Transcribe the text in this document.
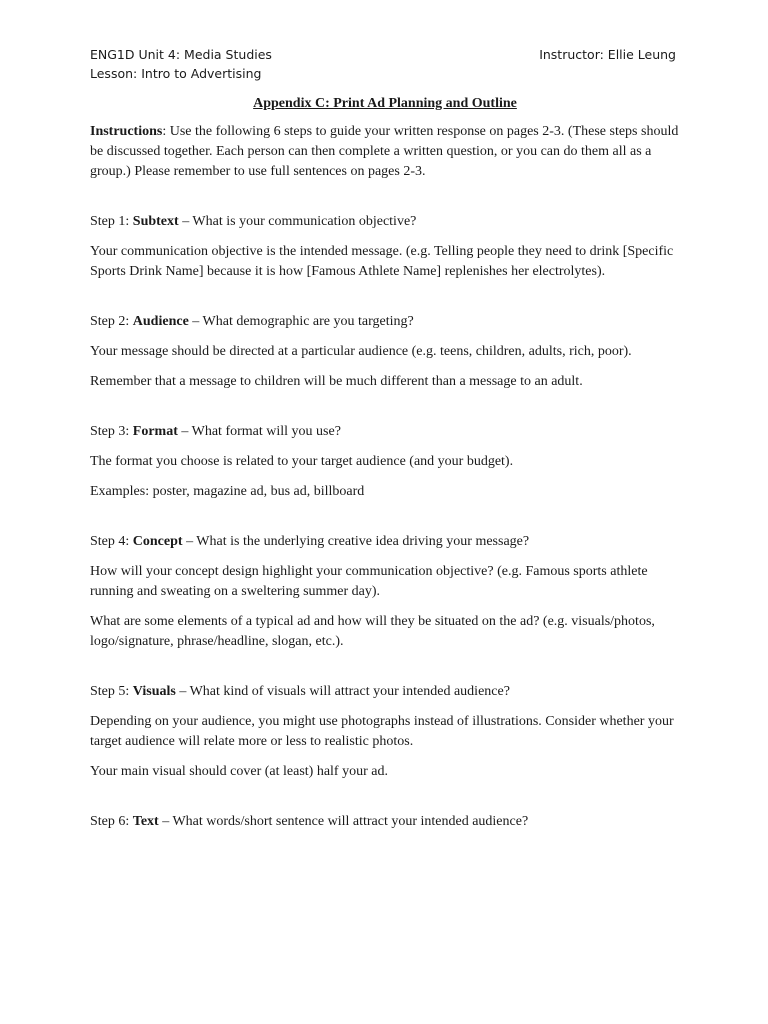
ENG1D Unit 4: Media Studies	Instructor: Ellie Leung
Lesson: Intro to Advertising
Appendix C: Print Ad Planning and Outline

Instructions: Use the following 6 steps to guide your written response on pages 2-3. (These steps should be discussed together. Each person can then complete a written question, or you can do them all as a group.) Please remember to use full sentences on pages 2-3.

Step 1: Subtext – What is your communication objective?

Your communication objective is the intended message. (e.g. Telling people they need to drink [Specific Sports Drink Name] because it is how [Famous Athlete Name] replenishes her electrolytes).

Step 2: Audience – What demographic are you targeting?

Your message should be directed at a particular audience (e.g. teens, children, adults, rich, poor).

Remember that a message to children will be much different than a message to an adult.

Step 3: Format – What format will you use?

The format you choose is related to your target audience (and your budget).

Examples: poster, magazine ad, bus ad, billboard

Step 4: Concept – What is the underlying creative idea driving your message?

How will your concept design highlight your communication objective? (e.g. Famous sports athlete running and sweating on a sweltering summer day).

What are some elements of a typical ad and how will they be situated on the ad? (e.g. visuals/photos, logo/signature, phrase/headline, slogan, etc.).

Step 5: Visuals – What kind of visuals will attract your intended audience?

Depending on your audience, you might use photographs instead of illustrations. Consider whether your target audience will relate more or less to realistic photos.

Your main visual should cover (at least) half your ad.

Step 6: Text – What words/short sentence will attract your intended audience?
